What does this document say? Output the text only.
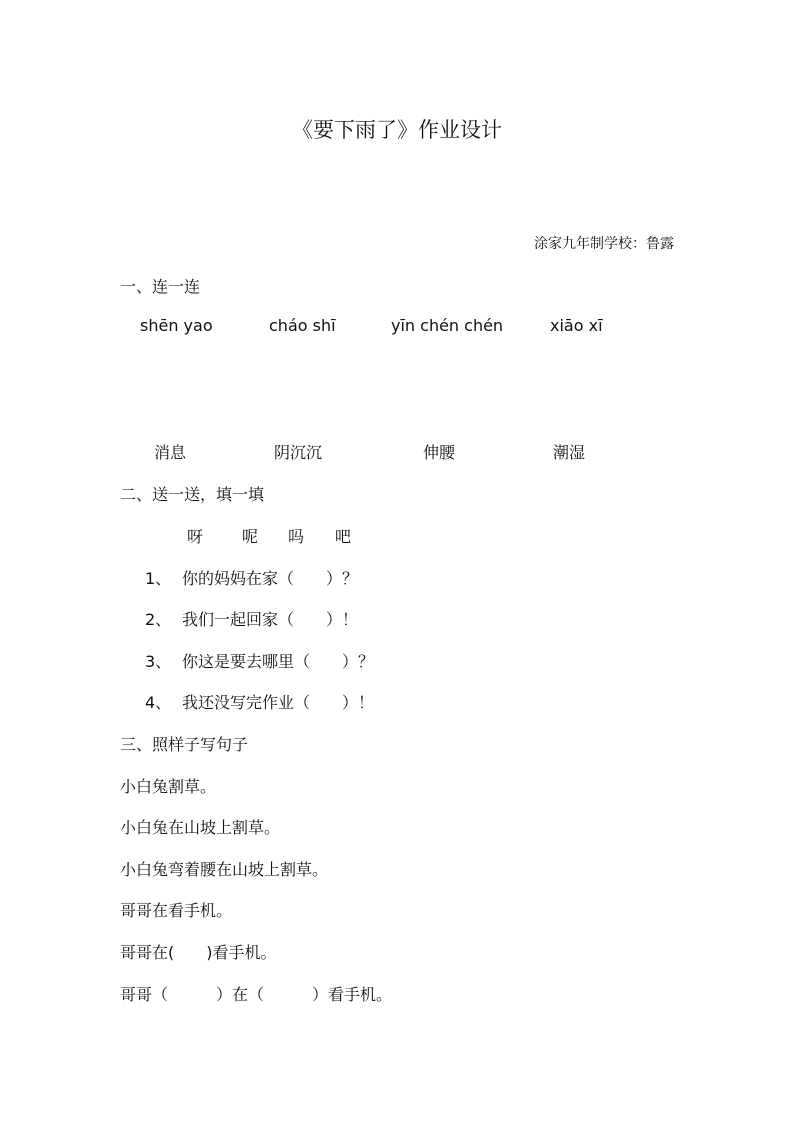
《要下雨了》作业设计
涂家九年制学校：鲁露
一、连一连
shēn yao	cháo shī	yīn chén chén	xiāo xī
消息	阴沉沉	伸腰	潮湿
二、送一送，填一填
呀 呢 吗 吧
1、 你的妈妈在家（　　）？
2、 我们一起回家（　　）！
3、 你这是要去哪里（　　）？
4、 我还没写完作业（　　）！
三、照样子写句子
小白兔割草。
小白兔在山坡上割草。
小白兔弯着腰在山坡上割草。
哥哥在看手机。
哥哥在(　　)看手机。
哥哥（　　　）在（　　　）看手机。
